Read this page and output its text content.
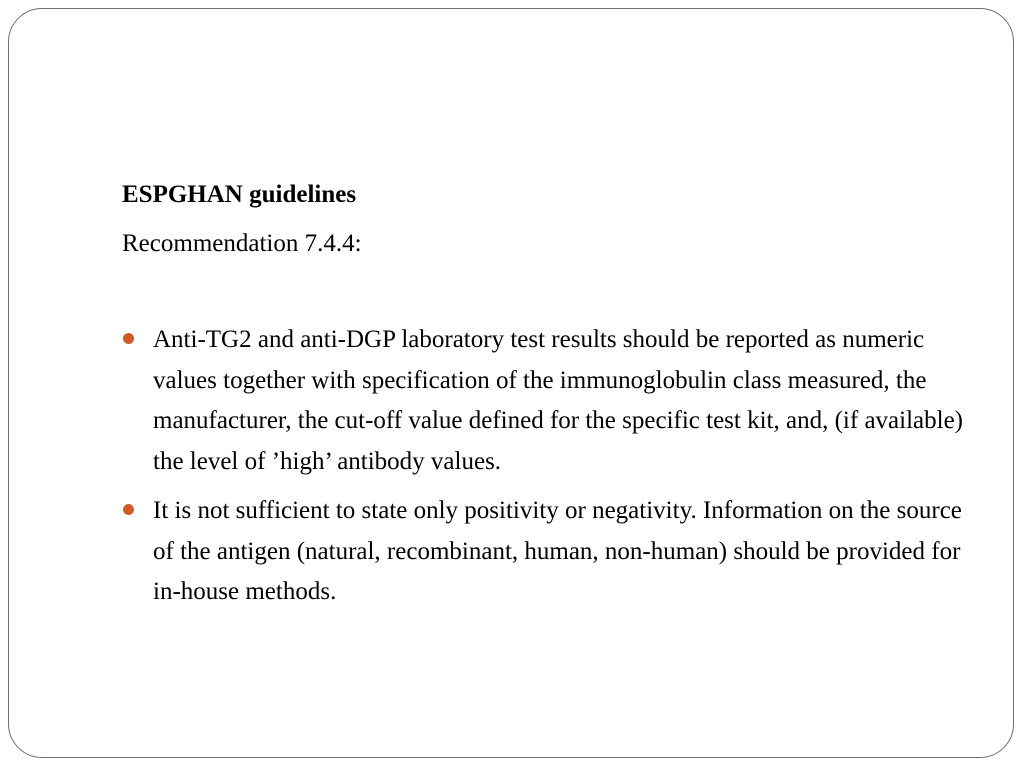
ESPGHAN guidelines

Recommendation 7.4.4:

Anti-TG2 and anti-DGP laboratory test results should be reported as numeric values together with specification of the immunoglobulin class measured, the manufacturer, the cut-off value defined for the specific test kit, and, (if available) the level of ’high’ antibody values.
It is not sufficient to state only positivity or negativity. Information on the source of the antigen (natural, recombinant, human, non-human) should be provided for in-house methods.
